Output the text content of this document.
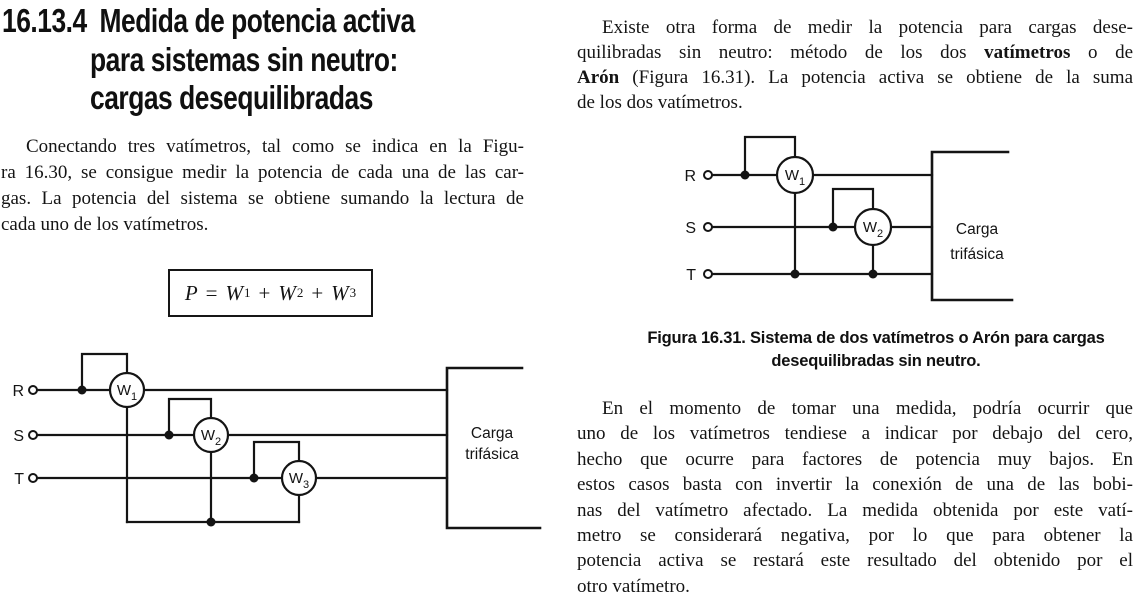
16.13.4 Medida de potencia activa
para sistemas sin neutro:
cargas desequilibradas
Conectando tres vatímetros, tal como se indica en la Figu-
ra 16.30, se consigue medir la potencia de cada una de las car-
gas. La potencia del sistema se obtiene sumando la lectura de
cada uno de los vatímetros.
P = W 1 + W 2 + W 3
R
S
T
$W_1$
$W_2$
$W_3$
Carga
trifásica
Existe otra forma de medir la potencia para cargas dese-
quilibradas sin neutro: método de los dos vatímetros o de
Arón (Figura 16.31). La potencia activa se obtiene de la suma
de los dos vatímetros.
R
S
T
$W_1$
$W_2$	Carga
trifásica
Figura 16.31. Sistema de dos vatímetros o Arón para cargas
desequilibradas sin neutro.
En el momento de tomar una medida, podría ocurrir que
uno de los vatímetros tendiese a indicar por debajo del cero,
hecho que ocurre para factores de potencia muy bajos. En
estos casos basta con invertir la conexión de una de las bobi-
nas del vatímetro afectado. La medida obtenida por este vatí-
metro se considerará negativa, por lo que para obtener la
potencia activa se restará este resultado del obtenido por el
otro vatímetro.
